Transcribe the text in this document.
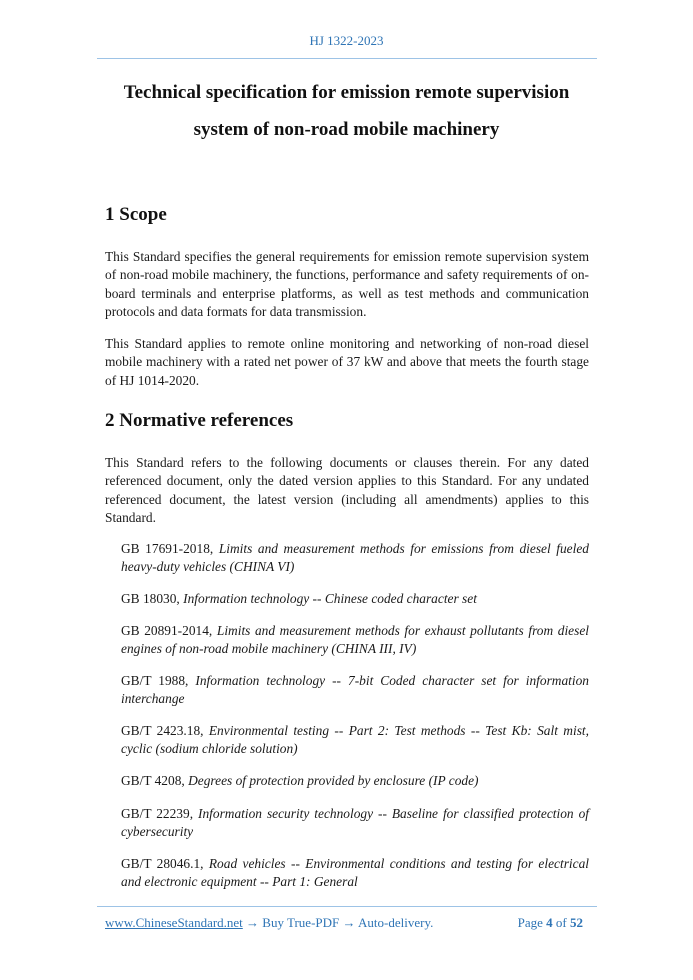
HJ 1322-2023
Technical specification for emission remote supervision
system of non-road mobile machinery
1 Scope
This Standard specifies the general requirements for emission remote supervision system of non-road mobile machinery, the functions, performance and safety requirements of on-board terminals and enterprise platforms, as well as test methods and communication protocols and data formats for data transmission.
This Standard applies to remote online monitoring and networking of non-road diesel mobile machinery with a rated net power of 37 kW and above that meets the fourth stage of HJ 1014-2020.
2 Normative references
This Standard refers to the following documents or clauses therein. For any dated referenced document, only the dated version applies to this Standard. For any undated referenced document, the latest version (including all amendments) applies to this Standard.
GB 17691-2018, Limits and measurement methods for emissions from diesel fueled heavy-duty vehicles (CHINA VI)
GB 18030, Information technology -- Chinese coded character set
GB 20891-2014, Limits and measurement methods for exhaust pollutants from diesel engines of non-road mobile machinery (CHINA III, IV)
GB/T 1988, Information technology -- 7-bit Coded character set for information interchange
GB/T 2423.18, Environmental testing -- Part 2: Test methods -- Test Kb: Salt mist, cyclic (sodium chloride solution)
GB/T 4208, Degrees of protection provided by enclosure (IP code)
GB/T 22239, Information security technology -- Baseline for classified protection of cybersecurity
GB/T 28046.1, Road vehicles -- Environmental conditions and testing for electrical and electronic equipment -- Part 1: General
www.ChineseStandard.net → Buy True-PDF → Auto-delivery.	Page 4 of 52
